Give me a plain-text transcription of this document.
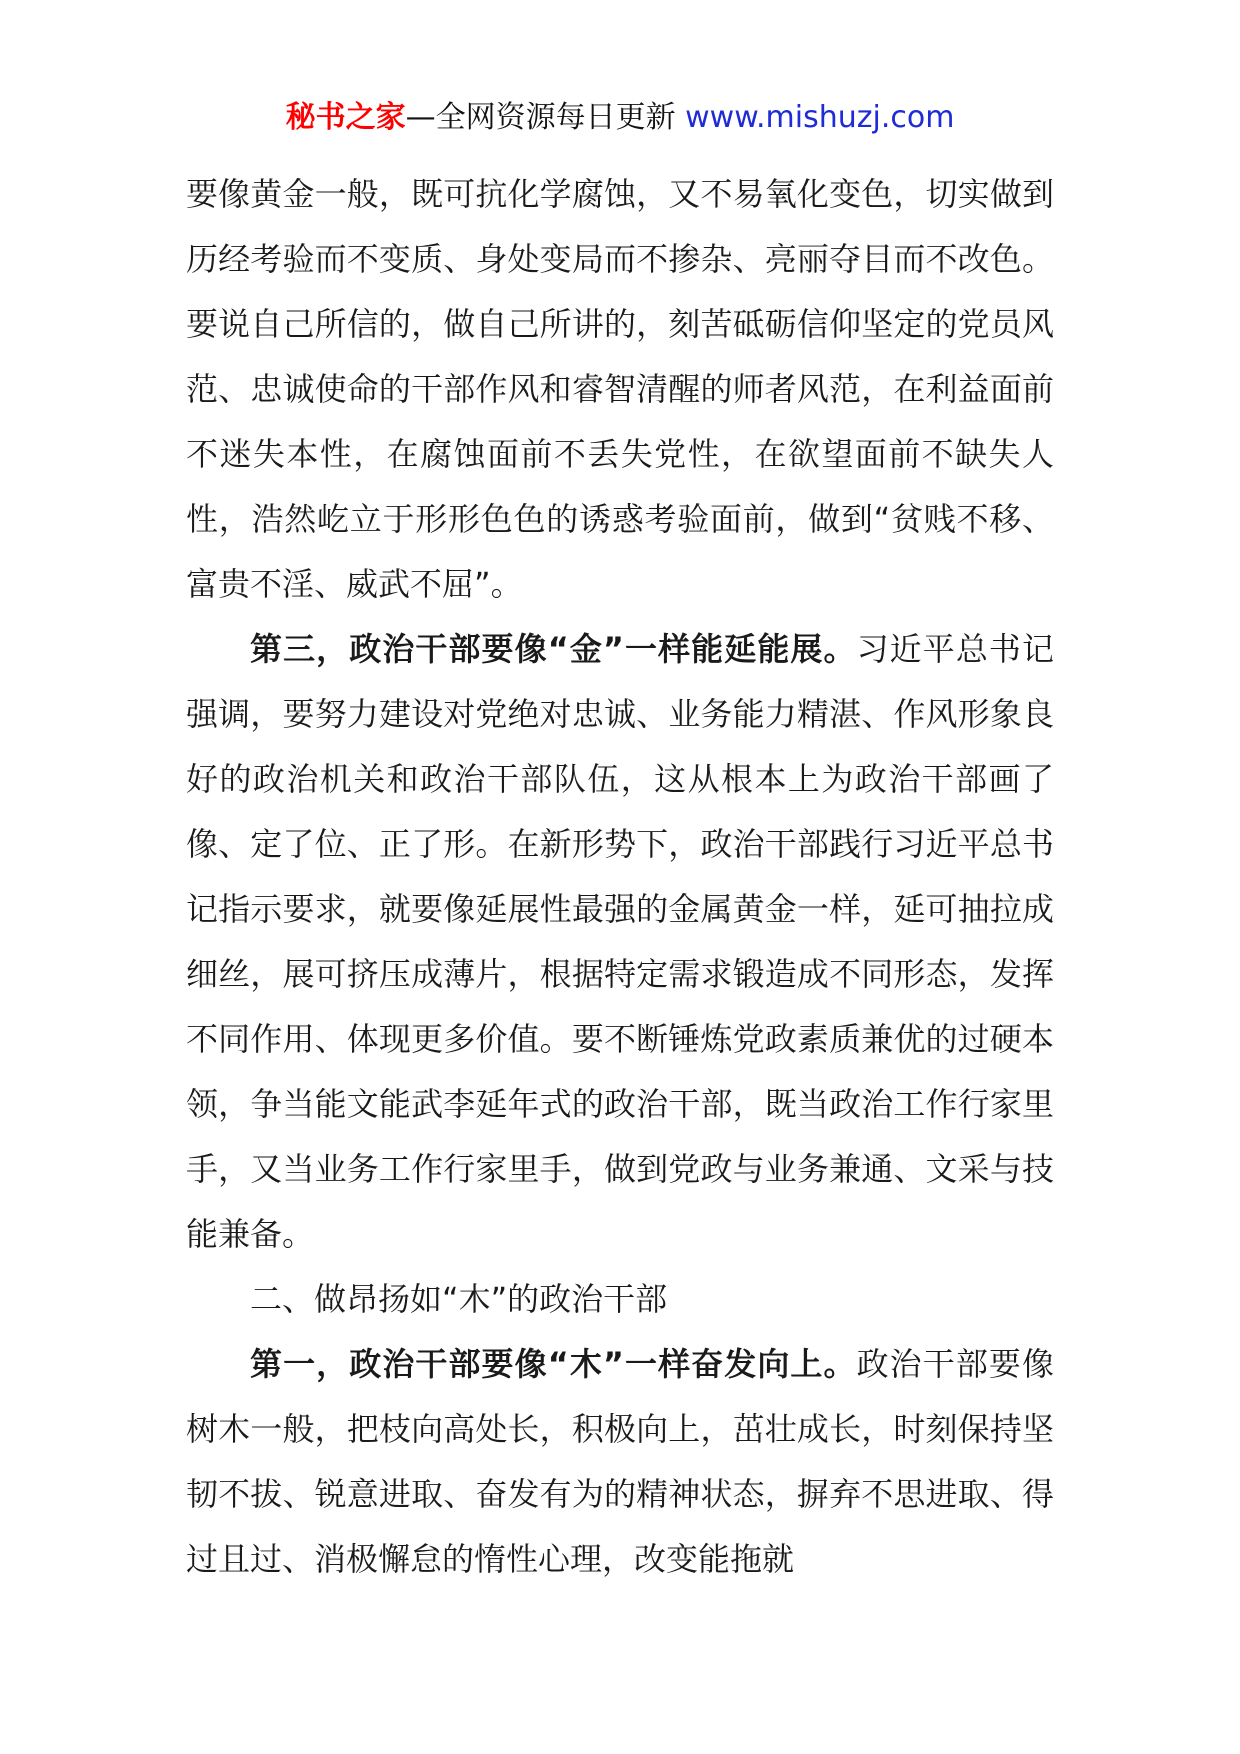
秘书之家—全网资源每日更新 www.mishuzj.com

要像黄金一般，既可抗化学腐蚀，又不易氧化变色，切实做到历经考验而不变质、身处变局而不掺杂、亮丽夺目而不改色。要说自己所信的，做自己所讲的，刻苦砥砺信仰坚定的党员风范、忠诚使命的干部作风和睿智清醒的师者风范，在利益面前不迷失本性，在腐蚀面前不丢失党性，在欲望面前不缺失人性，浩然屹立于形形色色的诱惑考验面前，做到“贫贱不移、富贵不淫、威武不屈”。

第三，政治干部要像“金”一样能延能展。习近平总书记强调，要努力建设对党绝对忠诚、业务能力精湛、作风形象良好的政治机关和政治干部队伍，这从根本上为政治干部画了像、定了位、正了形。在新形势下，政治干部践行习近平总书记指示要求，就要像延展性最强的金属黄金一样，延可抽拉成细丝，展可挤压成薄片，根据特定需求锻造成不同形态，发挥不同作用、体现更多价值。要不断锤炼党政素质兼优的过硬本领，争当能文能武李延年式的政治干部，既当政治工作行家里手，又当业务工作行家里手，做到党政与业务兼通、文采与技能兼备。

二、做昂扬如“木”的政治干部

第一，政治干部要像“木”一样奋发向上。政治干部要像树木一般，把枝向高处长，积极向上，茁壮成长，时刻保持坚韧不拔、锐意进取、奋发有为的精神状态，摒弃不思进取、得过且过、消极懈怠的惰性心理，改变能拖就
